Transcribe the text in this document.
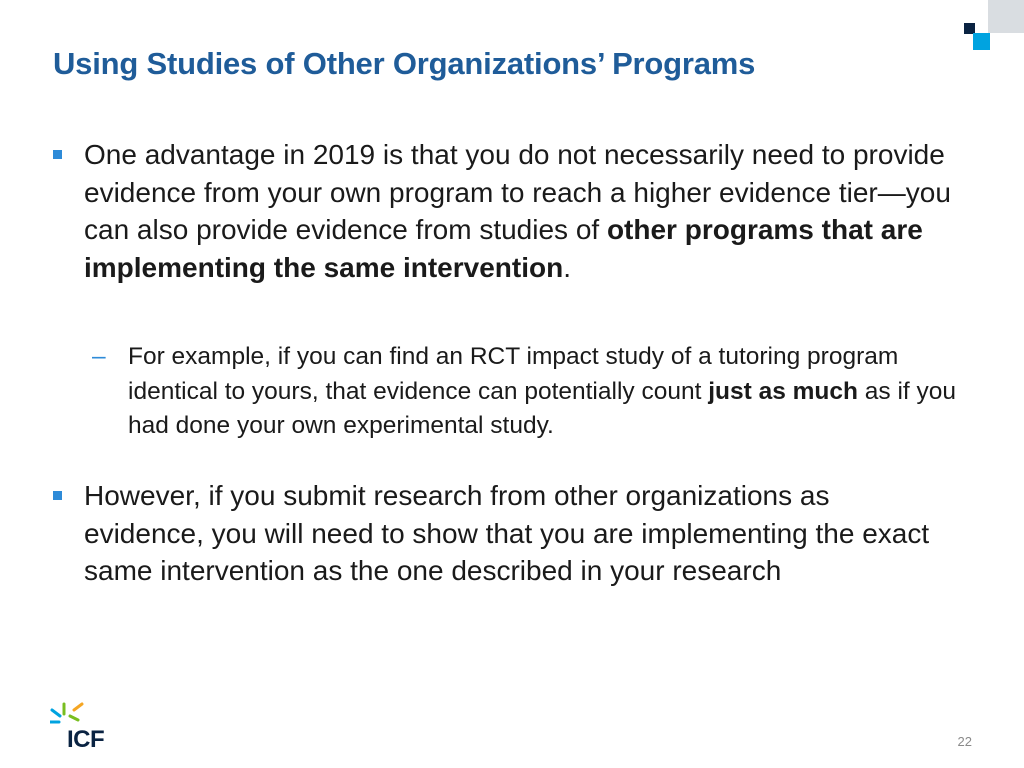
Using Studies of Other Organizations’ Programs
One advantage in 2019 is that you do not necessarily need to provide evidence from your own program to reach a higher evidence tier—you can also provide evidence from studies of other programs that are implementing the same intervention.
– For example, if you can find an RCT impact study of a tutoring program identical to yours, that evidence can potentially count just as much as if you had done your own experimental study.
However, if you submit research from other organizations as evidence, you will need to show that you are implementing the exact same intervention as the one described in your research
ICF	22
